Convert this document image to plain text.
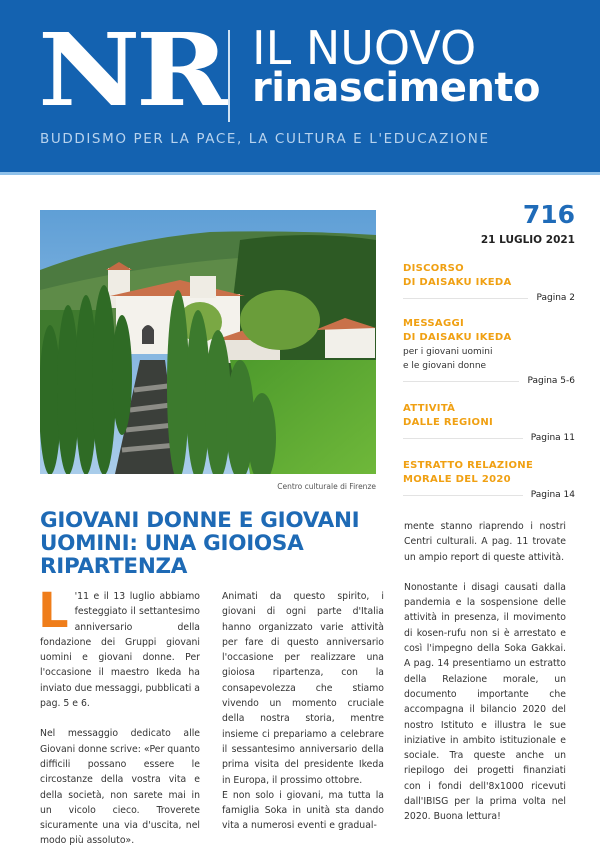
NR IL NUOVO
rinascimento
BUDDISMO PER LA PACE, LA CULTURA E L'EDUCAZIONE
Centro culturale di Firenze
716
21 LUGLIO 2021
DISCORSO
DI DAISAKU IKEDA
Pagina 2
MESSAGGI
DI DAISAKU IKEDA
per i giovani uomini
e le giovani donne
Pagina 5-6
ATTIVITÀ
DALLE REGIONI
Pagina 11
ESTRATTO RELAZIONE
MORALE DEL 2020
Pagina 14
GIOVANI DONNE E GIOVANI UOMINI: UNA GIOIOSA RIPARTENZA

L '11 e il 13 luglio abbiamo festeggiato il settantesimo anniversario della fondazione dei Gruppi giovani uomini e giovani donne. Per l'occasione il maestro Ikeda ha inviato due messaggi, pubblicati a pag. 5 e 6.

Nel messaggio dedicato alle Giovani donne scrive: «Per quanto difficili possano essere le circostanze della vostra vita e della società, non sarete mai in un vicolo cieco. Troverete sicuramente una via d'uscita, nel modo più assoluto».

Animati da questo spirito, i giovani di ogni parte d'Italia hanno organizzato varie attività per fare di questo anniversario l'occasione per realizzare una gioiosa ripartenza, con la consapevolezza che stiamo vivendo un momento cruciale della nostra storia, mentre insieme ci prepariamo a celebrare il sessantesimo anniversario della prima visita del presidente Ikeda in Europa, il prossimo ottobre.

E non solo i giovani, ma tutta la famiglia Soka in unità sta dando vita a numerosi eventi e gradual-

mente stanno riaprendo i nostri Centri culturali. A pag. 11 trovate un ampio report di queste attività.

Nonostante i disagi causati dalla pandemia e la sospensione delle attività in presenza, il movimento di kosen-rufu non si è arrestato e così l'impegno della Soka Gakkai. A pag. 14 presentiamo un estratto della Relazione morale, un documento importante che accompagna il bilancio 2020 del nostro Istituto e illustra le sue iniziative in ambito istituzionale e sociale. Tra queste anche un riepilogo dei progetti finanziati con i fondi dell'8x1000 ricevuti dall'IBISG per la prima volta nel 2020. Buona lettura!
